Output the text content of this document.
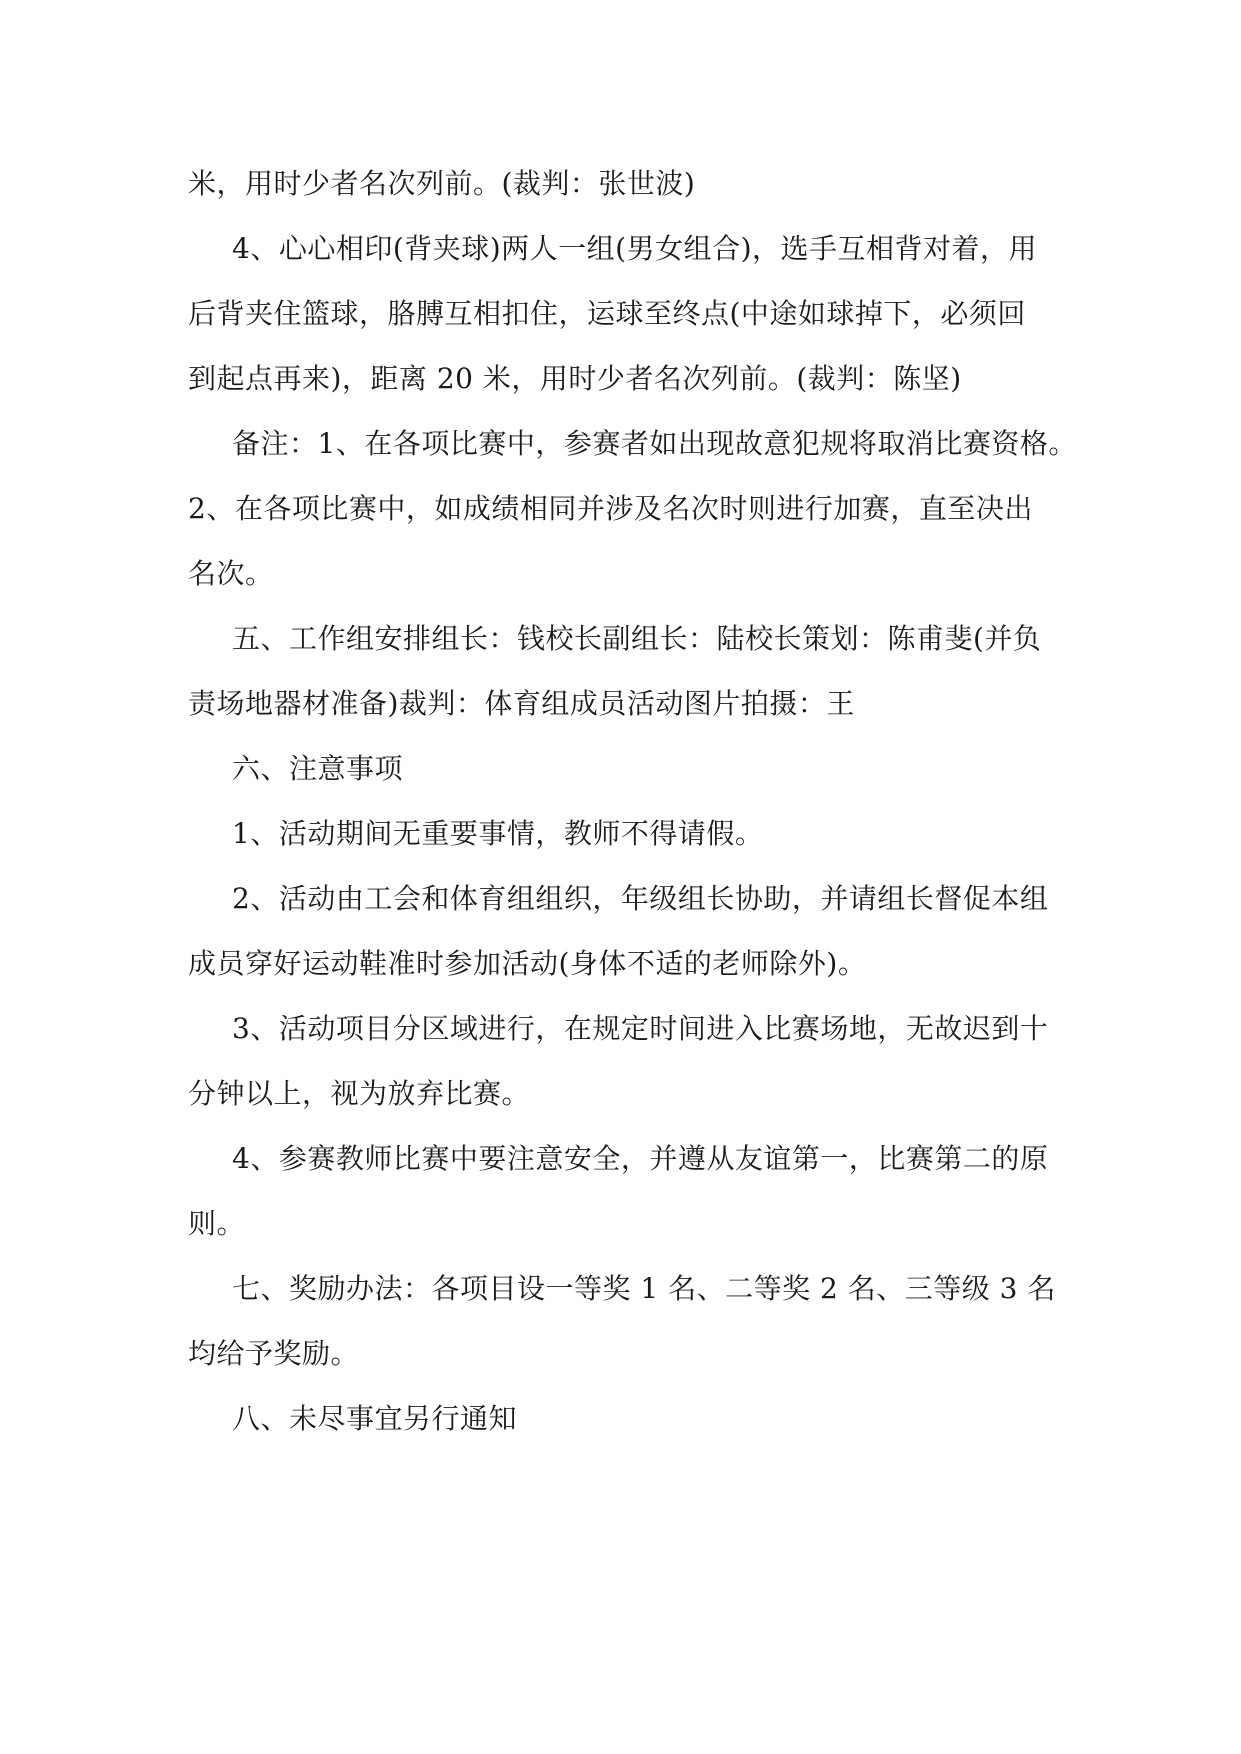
米，用时少者名次列前。(裁判：张世波)
4、心心相印(背夹球)两人一组(男女组合)，选手互相背对着，用
后背夹住篮球，胳膊互相扣住，运球至终点(中途如球掉下，必须回
到起点再来)，距离 20 米，用时少者名次列前。(裁判：陈坚)
备注：1、在各项比赛中，参赛者如出现故意犯规将取消比赛资格。
2、在各项比赛中，如成绩相同并涉及名次时则进行加赛，直至决出
名次。
五、工作组安排组长：钱校长副组长：陆校长策划：陈甫斐(并负
责场地器材准备)裁判：体育组成员活动图片拍摄：王
六、注意事项
1、活动期间无重要事情，教师不得请假。
2、活动由工会和体育组组织，年级组长协助，并请组长督促本组
成员穿好运动鞋准时参加活动(身体不适的老师除外)。
3、活动项目分区域进行，在规定时间进入比赛场地，无故迟到十
分钟以上，视为放弃比赛。
4、参赛教师比赛中要注意安全，并遵从友谊第一，比赛第二的原
则。
七、奖励办法：各项目设一等奖 1 名、二等奖 2 名、三等级 3 名
均给予奖励。
八、未尽事宜另行通知
